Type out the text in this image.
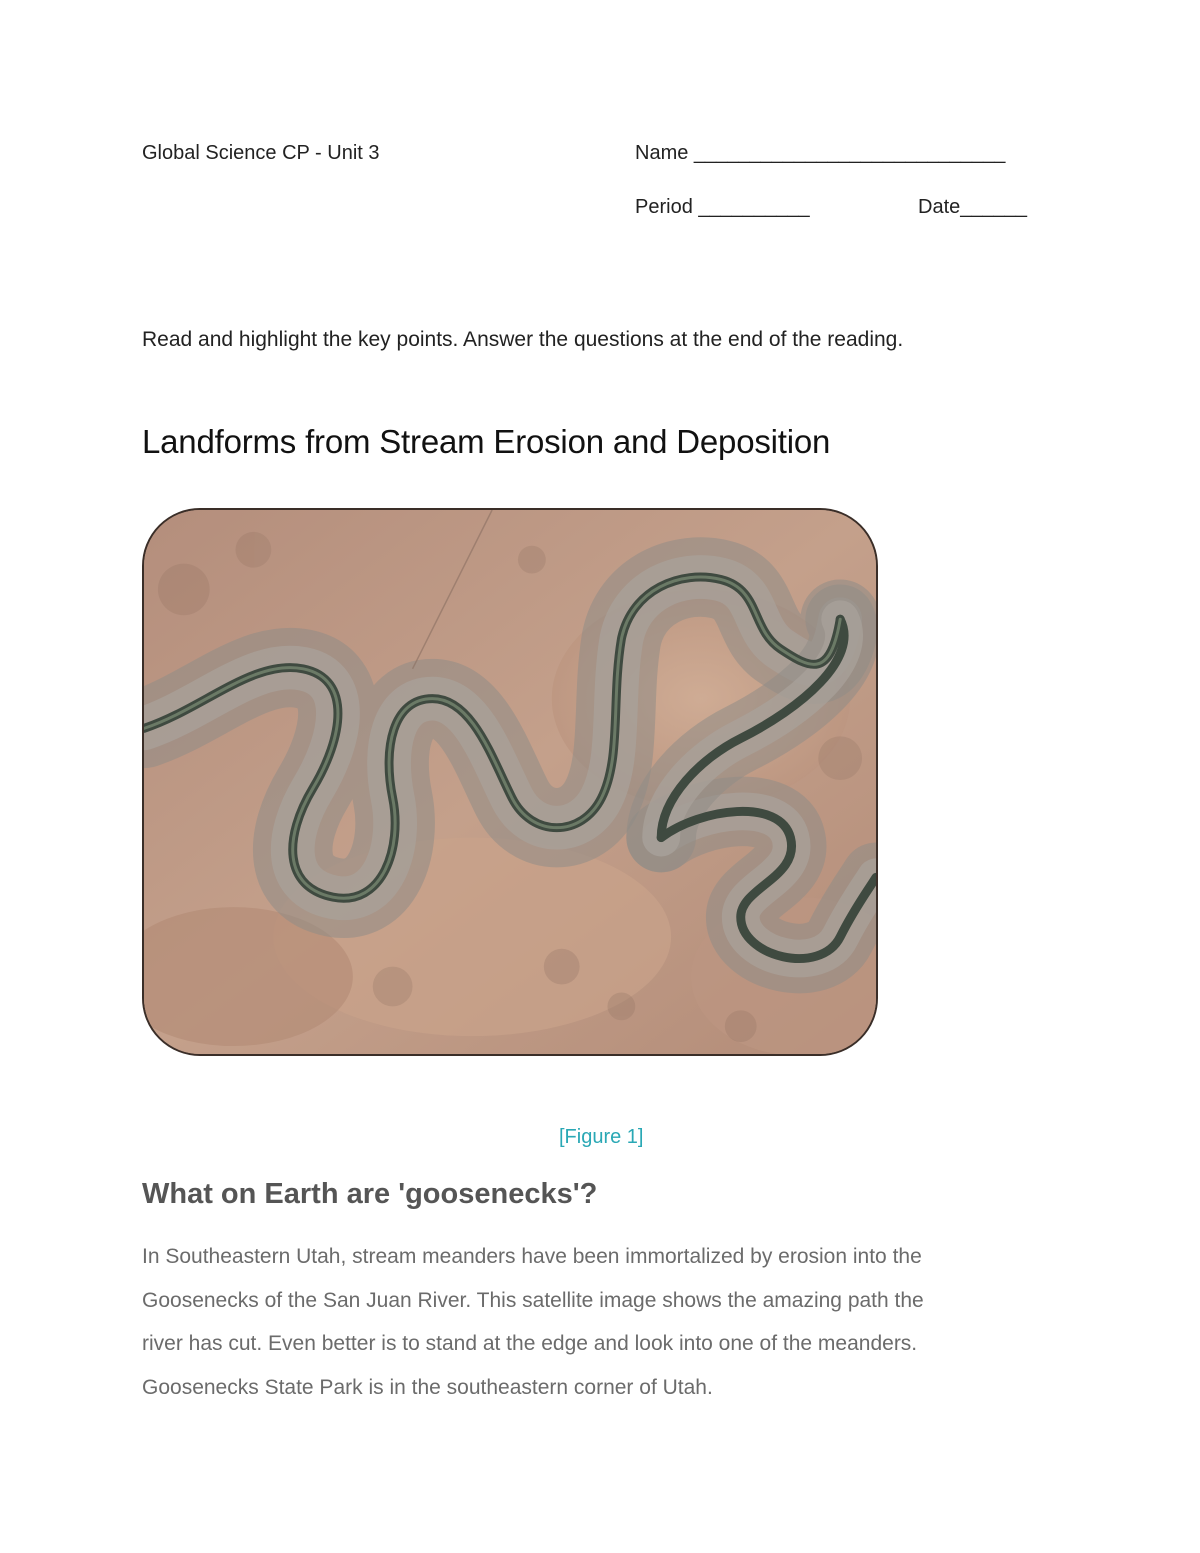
Global Science CP - Unit 3	Name ____________________________
Period __________	Date______
Read and highlight the key points. Answer the questions at the end of the reading.
Landforms from Stream Erosion and Deposition
[Figure 1]
What on Earth are 'goosenecks'?
In Southeastern Utah, stream meanders have been immortalized by erosion into the
Goosenecks of the San Juan River. This satellite image shows the amazing path the
river has cut. Even better is to stand at the edge and look into one of the meanders.
Goosenecks State Park is in the southeastern corner of Utah.
